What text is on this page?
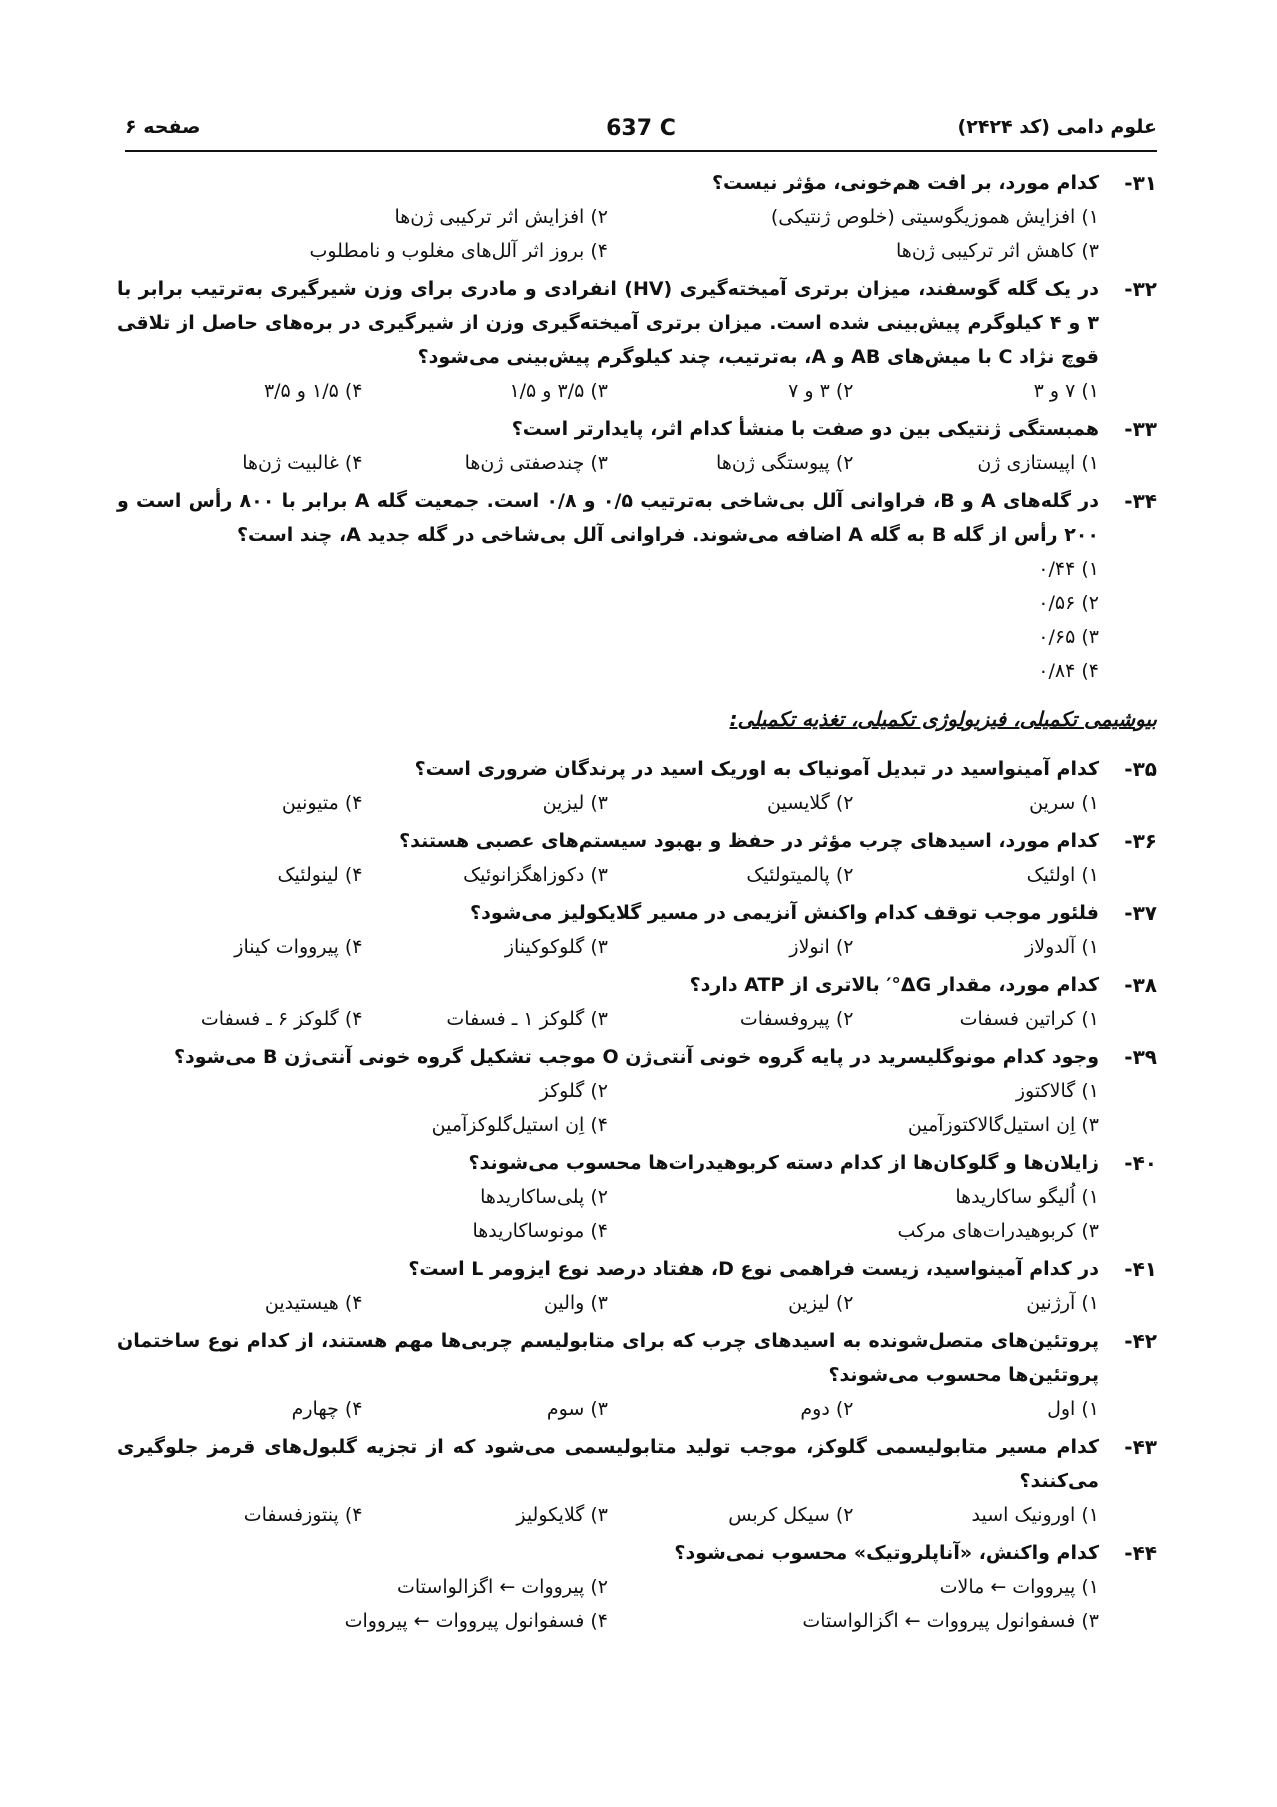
علوم دامی (کد ۲۴۲۴)
637 C
صفحه ۶
۳۱-
کدام مورد، بر افت هم‌خونی، مؤثر نیست؟
۱) افزایش هموزیگوسیتی (خلوص ژنتیکی)
۲) افزایش اثر ترکیبی ژن‌ها
۳) کاهش اثر ترکیبی ژن‌ها
۴) بروز اثر آلل‌های مغلوب و نامطلوب
۳۲-
در یک گله گوسفند، میزان برتری آمیخته‌گیری (HV) انفرادی و مادری برای وزن شیرگیری به‌ترتیب برابر با ۳ و ۴ کیلوگرم پیش‌بینی شده است. میزان برتری آمیخته‌گیری وزن از شیرگیری در بره‌های حاصل از تلاقی قوچ نژاد C با میش‌های AB و A، به‌ترتیب، چند کیلوگرم پیش‌بینی می‌شود؟
۱) ۷ و ۳
۲) ۳ و ۷
۳) ۳/۵ و ۱/۵
۴) ۱/۵ و ۳/۵
۳۳-
همبستگی ژنتیکی بین دو صفت با منشأ کدام اثر، پایدارتر است؟
۱) اپیستازی ژن
۲) پیوستگی ژن‌ها
۳) چندصفتی ژن‌ها
۴) غالبیت ژن‌ها
۳۴-
در گله‌های A و B، فراوانی آلل بی‌شاخی به‌ترتیب ۰/۵ و ۰/۸ است. جمعیت گله A برابر با ۸۰۰ رأس است و ۲۰۰ رأس از گله B به گله A اضافه می‌شوند. فراوانی آلل بی‌شاخی در گله جدید A، چند است؟
۱) ۰/۴۴
۲) ۰/۵۶
۳) ۰/۶۵
۴) ۰/۸۴
بیوشیمی تکمیلی، فیزیولوژی تکمیلی، تغذیه تکمیلی:
۳۵-
کدام آمینواسید در تبدیل آمونیاک به اوریک اسید در پرندگان ضروری است؟
۱) سرین
۲) گلایسین
۳) لیزین
۴) متیونین
۳۶-
کدام مورد، اسیدهای چرب مؤثر در حفظ و بهبود سیستم‌های عصبی هستند؟
۱) اولئیک
۲) پالمیتولئیک
۳) دکوزاهگزانوئیک
۴) لینولئیک
۳۷-
فلئور موجب توقف کدام واکنش آنزیمی در مسیر گلایکولیز می‌شود؟
۱) آلدولاز
۲) انولاز
۳) گلوکوکیناز
۴) پیرووات کیناز
۳۸-
کدام مورد، مقدار ΔG°′ بالاتری از ATP دارد؟
۱) کراتین فسفات
۲) پیروفسفات
۳) گلوکز ۱ ـ فسفات
۴) گلوکز ۶ ـ فسفات
۳۹-
وجود کدام مونوگلیسرید در پایه گروه خونی آنتی‌ژن O موجب تشکیل گروه خونی آنتی‌ژن B می‌شود؟
۱) گالاکتوز
۲) گلوکز
۳) اِن استیل‌گالاکتوزآمین
۴) اِن استیل‌گلوکزآمین
۴۰-
زایلان‌ها و گلوکان‌ها از کدام دسته کربوهیدرات‌ها محسوب می‌شوند؟
۱) اُلیگو ساکاریدها
۲) پلی‌ساکاریدها
۳) کربوهیدرات‌های مرکب
۴) مونوساکاریدها
۴۱-
در کدام آمینواسید، زیست فراهمی نوع D، هفتاد درصد نوع ایزومر L است؟
۱) آرژنین
۲) لیزین
۳) والین
۴) هیستیدین
۴۲-
پروتئین‌های متصل‌شونده به اسیدهای چرب که برای متابولیسم چربی‌ها مهم هستند، از کدام نوع ساختمان پروتئین‌ها محسوب می‌شوند؟
۱) اول
۲) دوم
۳) سوم
۴) چهارم
۴۳-
کدام مسیر متابولیسمی گلوکز، موجب تولید متابولیسمی می‌شود که از تجزیه گلبول‌های قرمز جلوگیری می‌کنند؟
۱) اورونیک اسید
۲) سیکل کربس
۳) گلایکولیز
۴) پنتوزفسفات
۴۴-
کدام واکنش، «آناپلروتیک» محسوب نمی‌شود؟
۱) پیرووات ← مالات
۲) پیرووات ← اگزالواستات
۳) فسفوانول پیرووات ← اگزالواستات
۴) فسفوانول پیرووات ← پیرووات
